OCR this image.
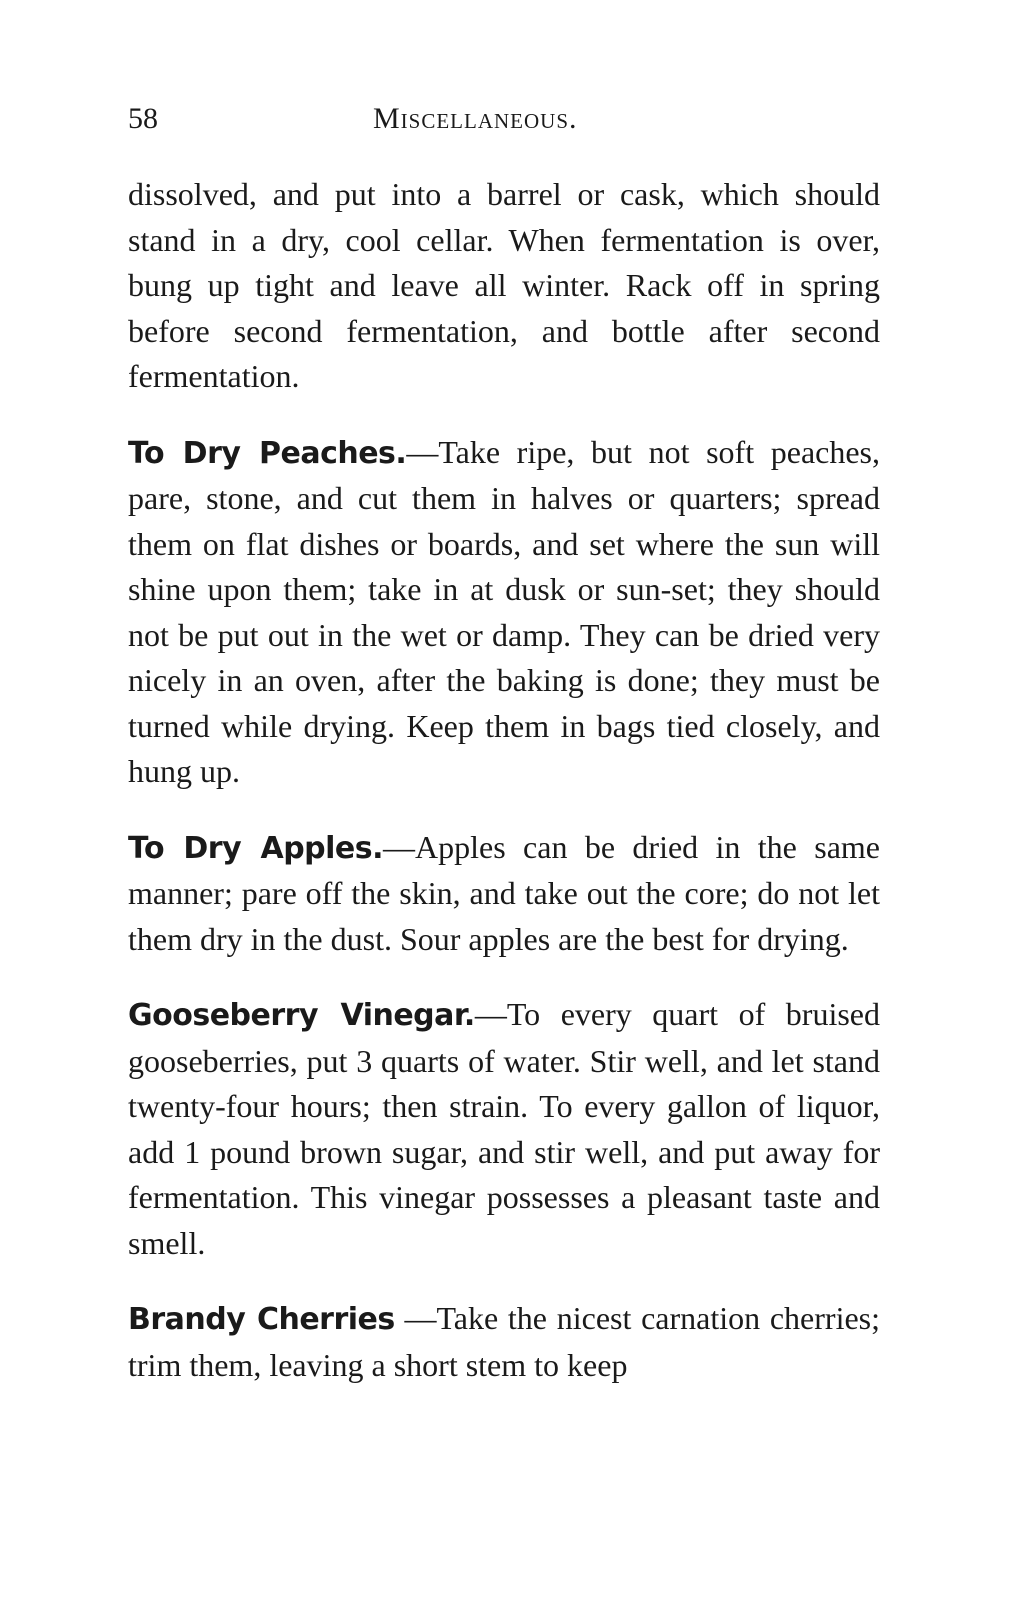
58	Miscellaneous.

dissolved, and put into a barrel or cask, which should stand in a dry, cool cellar. When fermentation is over, bung up tight and leave all winter. Rack off in spring before second fermentation, and bottle after second fermentation.

To Dry Peaches.—Take ripe, but not soft peaches, pare, stone, and cut them in halves or quarters; spread them on flat dishes or boards, and set where the sun will shine upon them; take in at dusk or sun-set; they should not be put out in the wet or damp. They can be dried very nicely in an oven, after the baking is done; they must be turned while drying. Keep them in bags tied closely, and hung up.

To Dry Apples.—Apples can be dried in the same manner; pare off the skin, and take out the core; do not let them dry in the dust. Sour apples are the best for drying.

Gooseberry Vinegar.—To every quart of bruised gooseberries, put 3 quarts of water. Stir well, and let stand twenty-four hours; then strain. To every gallon of liquor, add 1 pound brown sugar, and stir well, and put away for fermentation. This vinegar possesses a pleasant taste and smell.

Brandy Cherries —Take the nicest carnation cherries; trim them, leaving a short stem to keep
